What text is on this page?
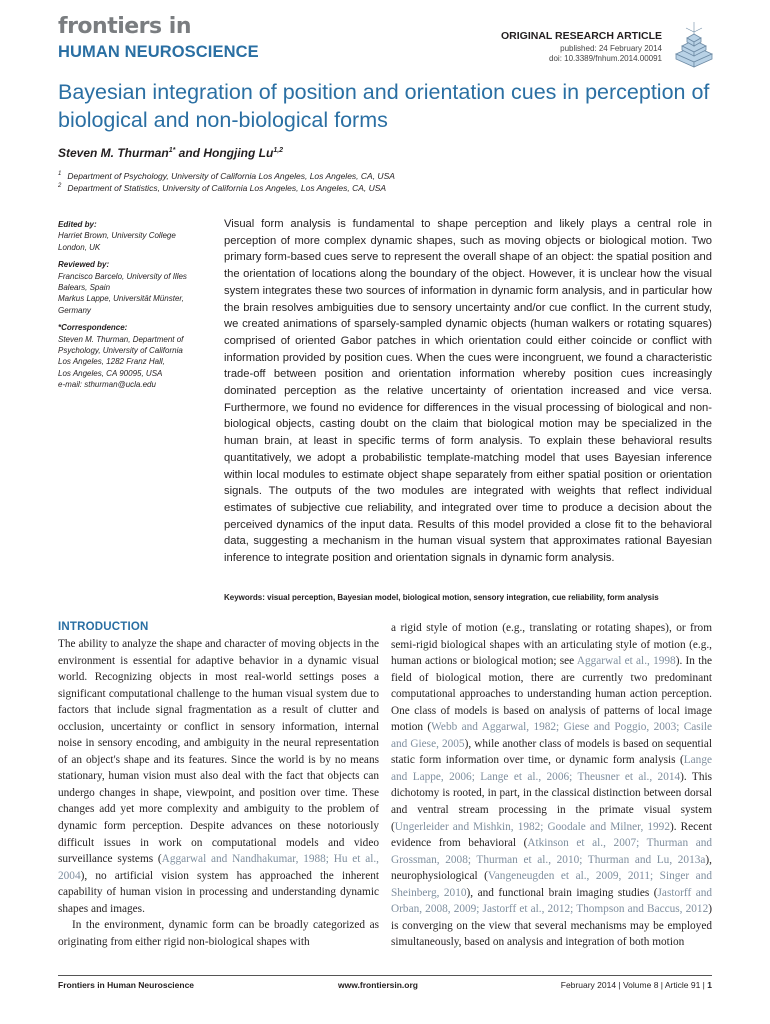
frontiers in
HUMAN NEUROSCIENCE
ORIGINAL RESEARCH ARTICLE
published: 24 February 2014
doi: 10.3389/fnhum.2014.00091
Bayesian integration of position and orientation cues in perception of biological and non-biological forms
Steven M. Thurman$^{1*}$ and Hongjing Lu$^{1,2}$
$^1$ Department of Psychology, University of California Los Angeles, Los Angeles, CA, USA
$^2$ Department of Statistics, University of California Los Angeles, Los Angeles, CA, USA
Edited by:
Harriet Brown, University College
London, UK
Reviewed by:
Francisco Barcelo, University of Illes
Balears, Spain
Markus Lappe, Universität Münster,
Germany
*Correspondence:
Steven M. Thurman, Department of
Psychology, University of California
Los Angeles, 1282 Franz Hall,
Los Angeles, CA 90095, USA
e-mail: sthurman@ucla.edu
Visual form analysis is fundamental to shape perception and likely plays a central role in perception of more complex dynamic shapes, such as moving objects or biological motion. Two primary form-based cues serve to represent the overall shape of an object: the spatial position and the orientation of locations along the boundary of the object. However, it is unclear how the visual system integrates these two sources of information in dynamic form analysis, and in particular how the brain resolves ambiguities due to sensory uncertainty and/or cue conflict. In the current study, we created animations of sparsely-sampled dynamic objects (human walkers or rotating squares) comprised of oriented Gabor patches in which orientation could either coincide or conflict with information provided by position cues. When the cues were incongruent, we found a characteristic trade-off between position and orientation information whereby position cues increasingly dominated perception as the relative uncertainty of orientation increased and vice versa. Furthermore, we found no evidence for differences in the visual processing of biological and non-biological objects, casting doubt on the claim that biological motion may be specialized in the human brain, at least in specific terms of form analysis. To explain these behavioral results quantitatively, we adopt a probabilistic template-matching model that uses Bayesian inference within local modules to estimate object shape separately from either spatial position or orientation signals. The outputs of the two modules are integrated with weights that reflect individual estimates of subjective cue reliability, and integrated over time to produce a decision about the perceived dynamics of the input data. Results of this model provided a close fit to the behavioral data, suggesting a mechanism in the human visual system that approximates rational Bayesian inference to integrate position and orientation signals in dynamic form analysis.
Keywords: visual perception, Bayesian model, biological motion, sensory integration, cue reliability, form analysis
INTRODUCTION

The ability to analyze the shape and character of moving objects in the environment is essential for adaptive behavior in a dynamic visual world. Recognizing objects in most real-world settings poses a significant computational challenge to the human visual system due to factors that include signal fragmentation as a result of clutter and occlusion, uncertainty or conflict in sensory information, internal noise in sensory encoding, and ambiguity in the neural representation of an object's shape and its features. Since the world is by no means stationary, human vision must also deal with the fact that objects can undergo changes in shape, viewpoint, and position over time. These changes add yet more complexity and ambiguity to the problem of dynamic form perception. Despite advances on these notoriously difficult issues in work on computational models and video surveillance systems (Aggarwal and Nandhakumar, 1988; Hu et al., 2004), no artificial vision system has approached the inherent capability of human vision in processing and understanding dynamic shapes and images.

In the environment, dynamic form can be broadly categorized as originating from either rigid non-biological shapes with

a rigid style of motion (e.g., translating or rotating shapes), or from semi-rigid biological shapes with an articulating style of motion (e.g., human actions or biological motion; see Aggarwal et al., 1998). In the field of biological motion, there are currently two predominant computational approaches to understanding human action perception. One class of models is based on analysis of patterns of local image motion (Webb and Aggarwal, 1982; Giese and Poggio, 2003; Casile and Giese, 2005), while another class of models is based on sequential static form information over time, or dynamic form analysis (Lange and Lappe, 2006; Lange et al., 2006; Theusner et al., 2014). This dichotomy is rooted, in part, in the classical distinction between dorsal and ventral stream processing in the primate visual system (Ungerleider and Mishkin, 1982; Goodale and Milner, 1992). Recent evidence from behavioral (Atkinson et al., 2007; Thurman and Grossman, 2008; Thurman et al., 2010; Thurman and Lu, 2013a), neurophysiological (Vangeneugden et al., 2009, 2011; Singer and Sheinberg, 2010), and functional brain imaging studies (Jastorff and Orban, 2008, 2009; Jastorff et al., 2012; Thompson and Baccus, 2012) is converging on the view that several mechanisms may be employed simultaneously, based on analysis and integration of both motion

Frontiers in Human Neuroscience	www.frontiersin.org	February 2014 | Volume 8 | Article 91 | 1
